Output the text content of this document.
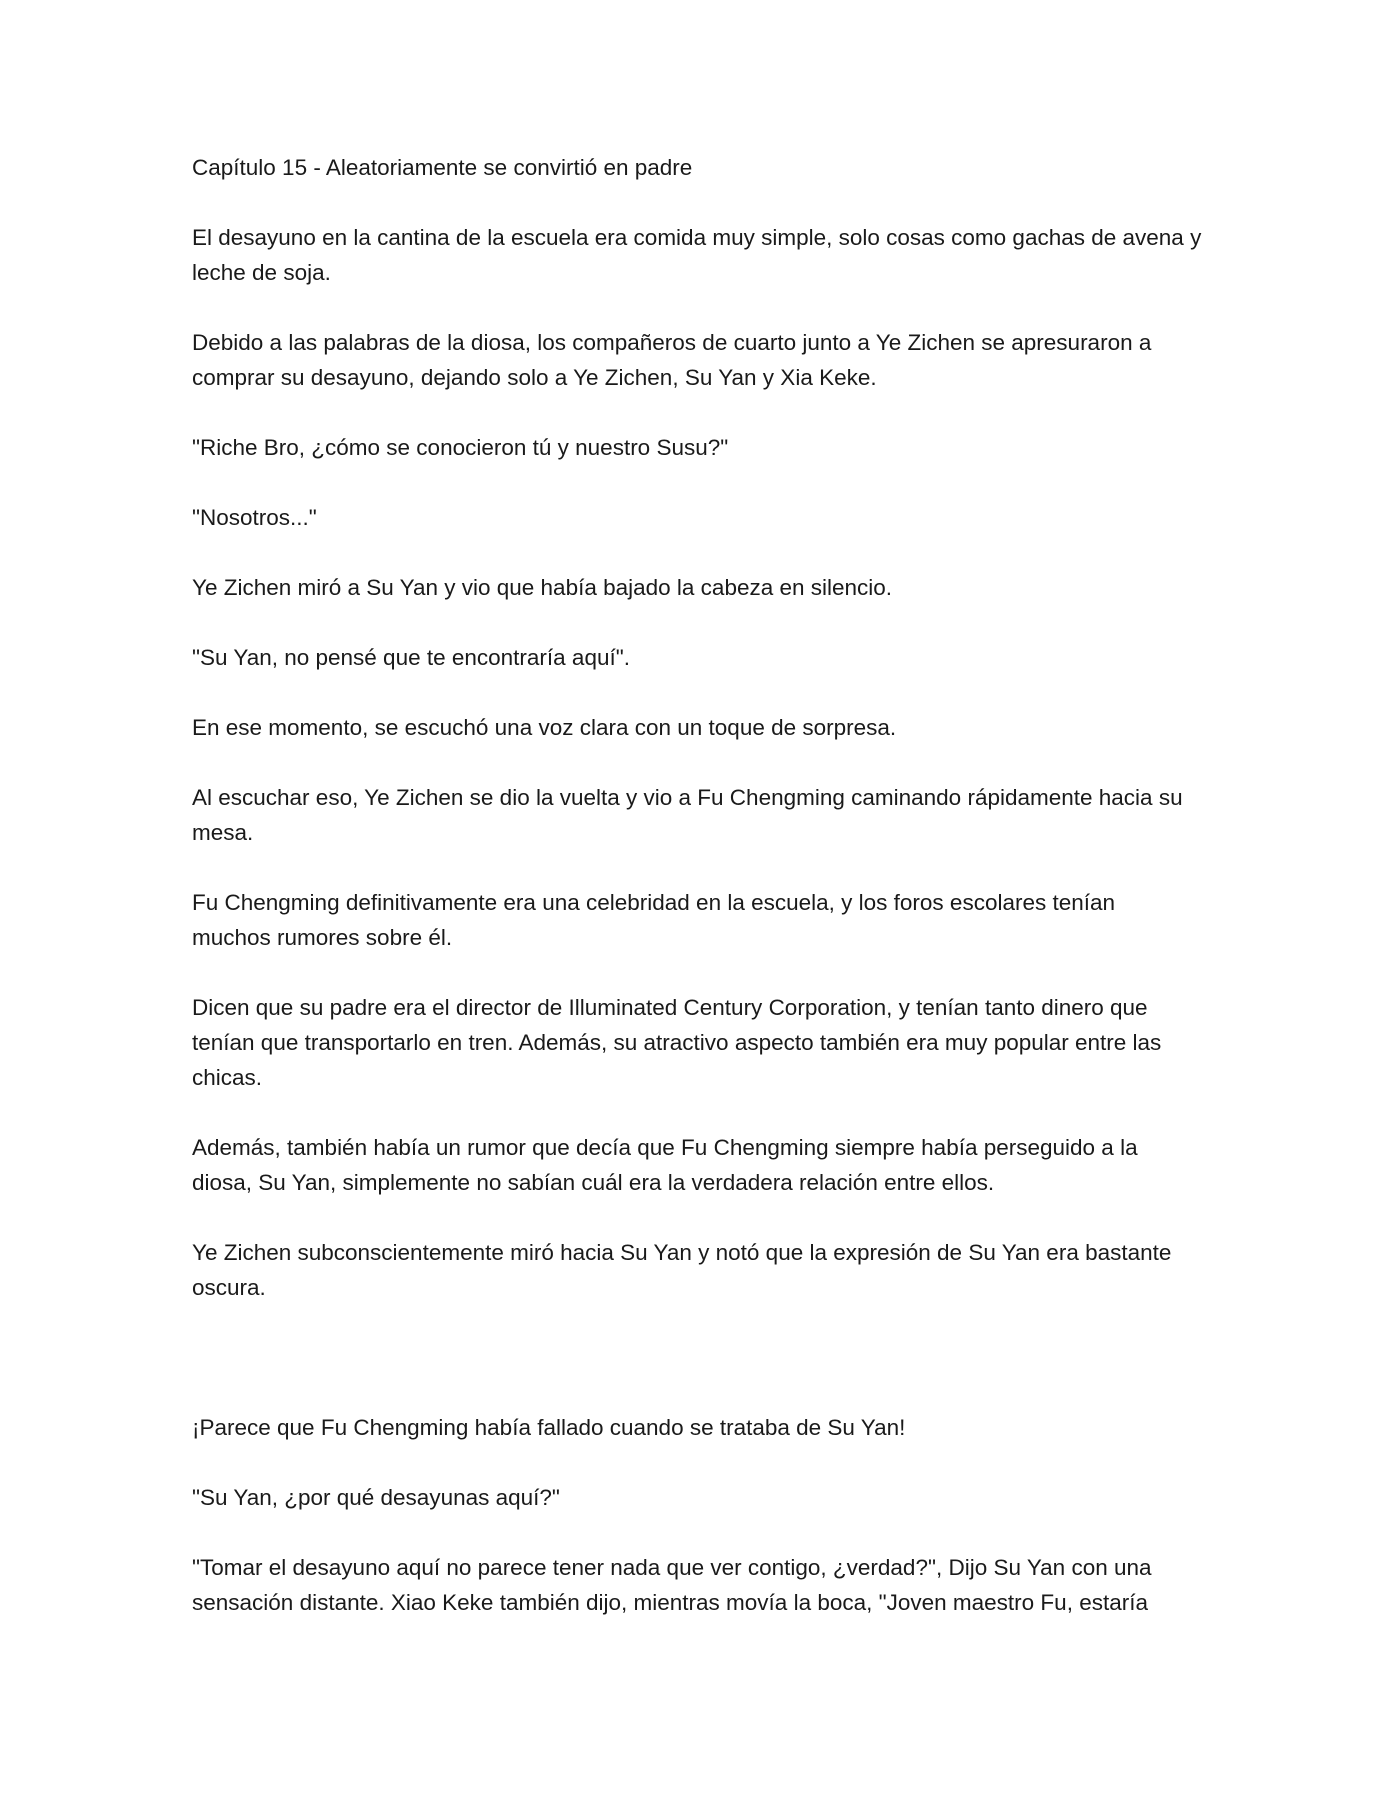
Capítulo 15 - Aleatoriamente se convirtió en padre

El desayuno en la cantina de la escuela era comida muy simple, solo cosas como gachas de avena y
leche de soja.

Debido a las palabras de la diosa, los compañeros de cuarto junto a Ye Zichen se apresuraron a
comprar su desayuno, dejando solo a Ye Zichen, Su Yan y Xia Keke.

"Riche Bro, ¿cómo se conocieron tú y nuestro Susu?"

"Nosotros..."

Ye Zichen miró a Su Yan y vio que había bajado la cabeza en silencio.

"Su Yan, no pensé que te encontraría aquí".

En ese momento, se escuchó una voz clara con un toque de sorpresa.

Al escuchar eso, Ye Zichen se dio la vuelta y vio a Fu Chengming caminando rápidamente hacia su
mesa.

Fu Chengming definitivamente era una celebridad en la escuela, y los foros escolares tenían
muchos rumores sobre él.

Dicen que su padre era el director de Illuminated Century Corporation, y tenían tanto dinero que
tenían que transportarlo en tren. Además, su atractivo aspecto también era muy popular entre las
chicas.

Además, también había un rumor que decía que Fu Chengming siempre había perseguido a la
diosa, Su Yan, simplemente no sabían cuál era la verdadera relación entre ellos.

Ye Zichen subconscientemente miró hacia Su Yan y notó que la expresión de Su Yan era bastante
oscura.

¡Parece que Fu Chengming había fallado cuando se trataba de Su Yan!

"Su Yan, ¿por qué desayunas aquí?"

"Tomar el desayuno aquí no parece tener nada que ver contigo, ¿verdad?", Dijo Su Yan con una
sensación distante. Xiao Keke también dijo, mientras movía la boca, "Joven maestro Fu, estaría
